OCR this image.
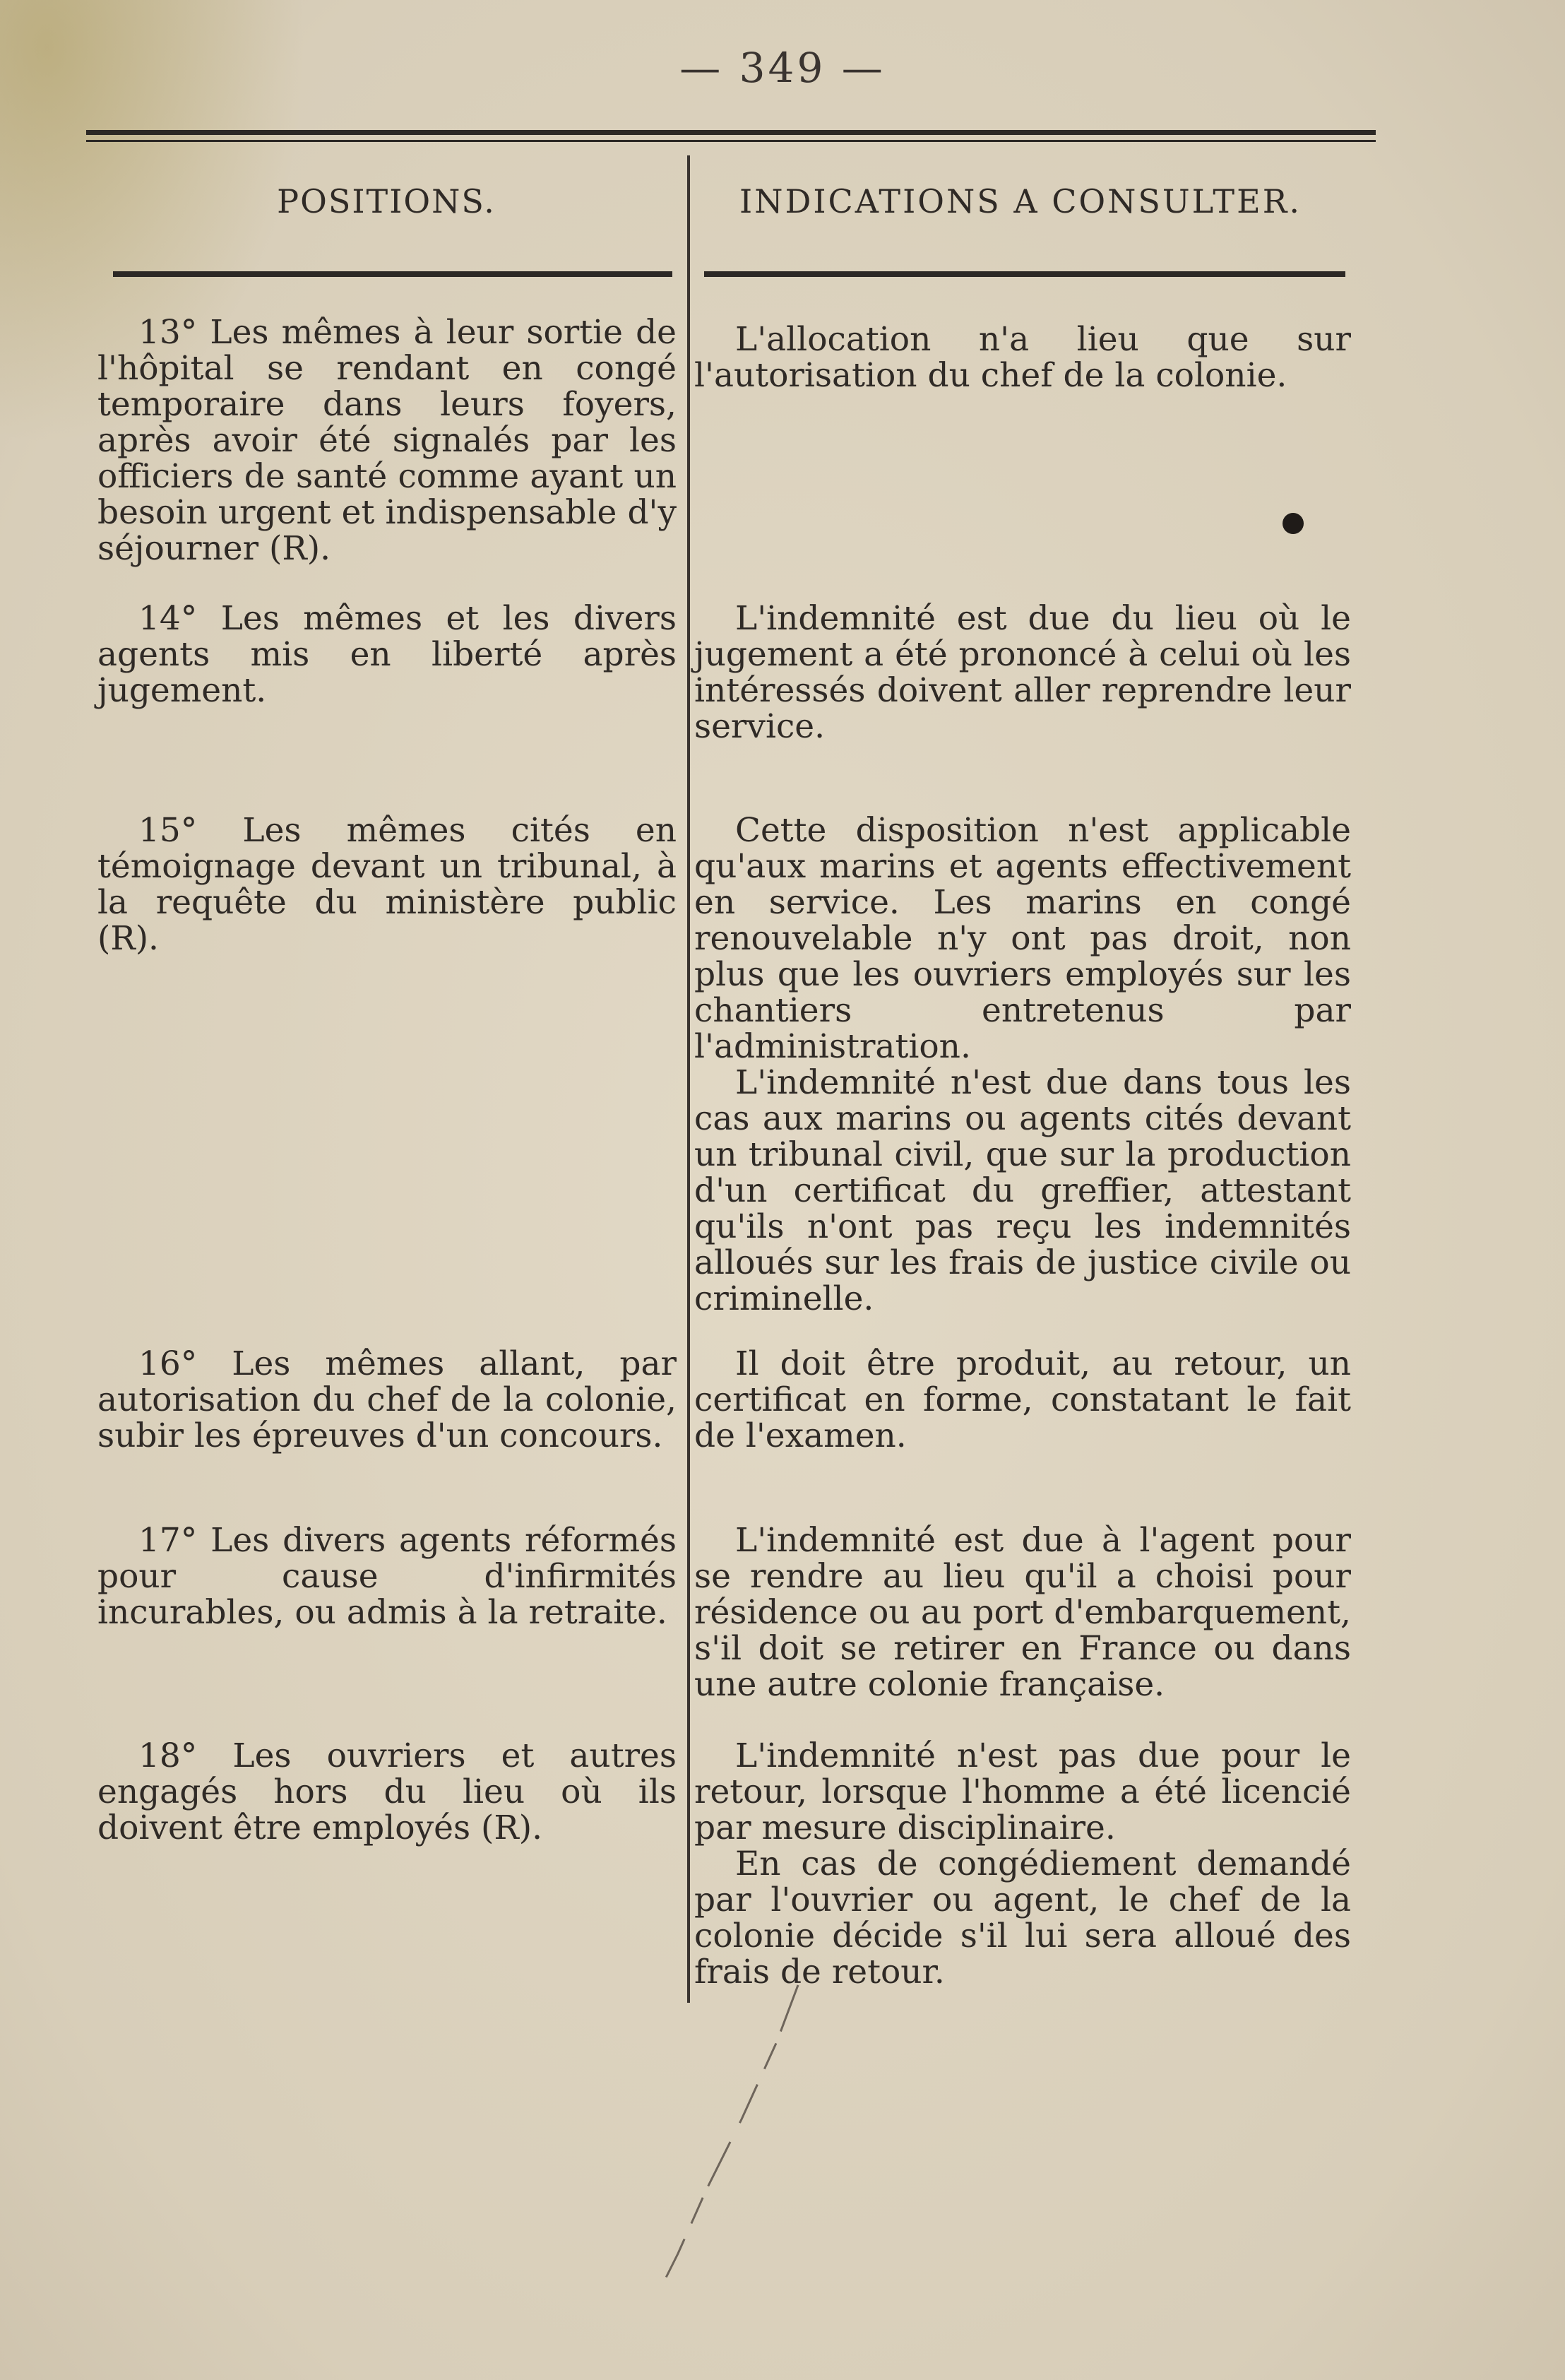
— 349 —
POSITIONS.	INDICATIONS A CONSULTER.

13° Les mêmes à leur sortie de l'hôpital se rendant en congé temporaire dans leurs foyers, après avoir été signalés par les officiers de santé comme ayant un besoin urgent et indispensable d'y séjourner (R).

L'allocation n'a lieu que sur l'autorisation du chef de la colonie.

14° Les mêmes et les divers agents mis en liberté après jugement.

L'indemnité est due du lieu où le jugement a été prononcé à celui où les intéressés doivent aller reprendre leur service.

15° Les mêmes cités en témoignage devant un tribunal, à la requête du ministère public (R).

Cette disposition n'est applicable qu'aux marins et agents effectivement en service. Les marins en congé renouvelable n'y ont pas droit, non plus que les ouvriers employés sur les chantiers entretenus par l'administration.

L'indemnité n'est due dans tous les cas aux marins ou agents cités devant un tribunal civil, que sur la production d'un certificat du greffier, attestant qu'ils n'ont pas reçu les indemnités alloués sur les frais de justice civile ou criminelle.

16° Les mêmes allant, par autorisation du chef de la colonie, subir les épreuves d'un concours.

Il doit être produit, au retour, un certificat en forme, constatant le fait de l'examen.

17° Les divers agents réformés pour cause d'infirmités incurables, ou admis à la retraite.

L'indemnité est due à l'agent pour se rendre au lieu qu'il a choisi pour résidence ou au port d'embarquement, s'il doit se retirer en France ou dans une autre colonie française.

18° Les ouvriers et autres engagés hors du lieu où ils doivent être employés (R).

L'indemnité n'est pas due pour le retour, lorsque l'homme a été licencié par mesure disciplinaire.

En cas de congédiement demandé par l'ouvrier ou agent, le chef de la colonie décide s'il lui sera alloué des frais de retour.
